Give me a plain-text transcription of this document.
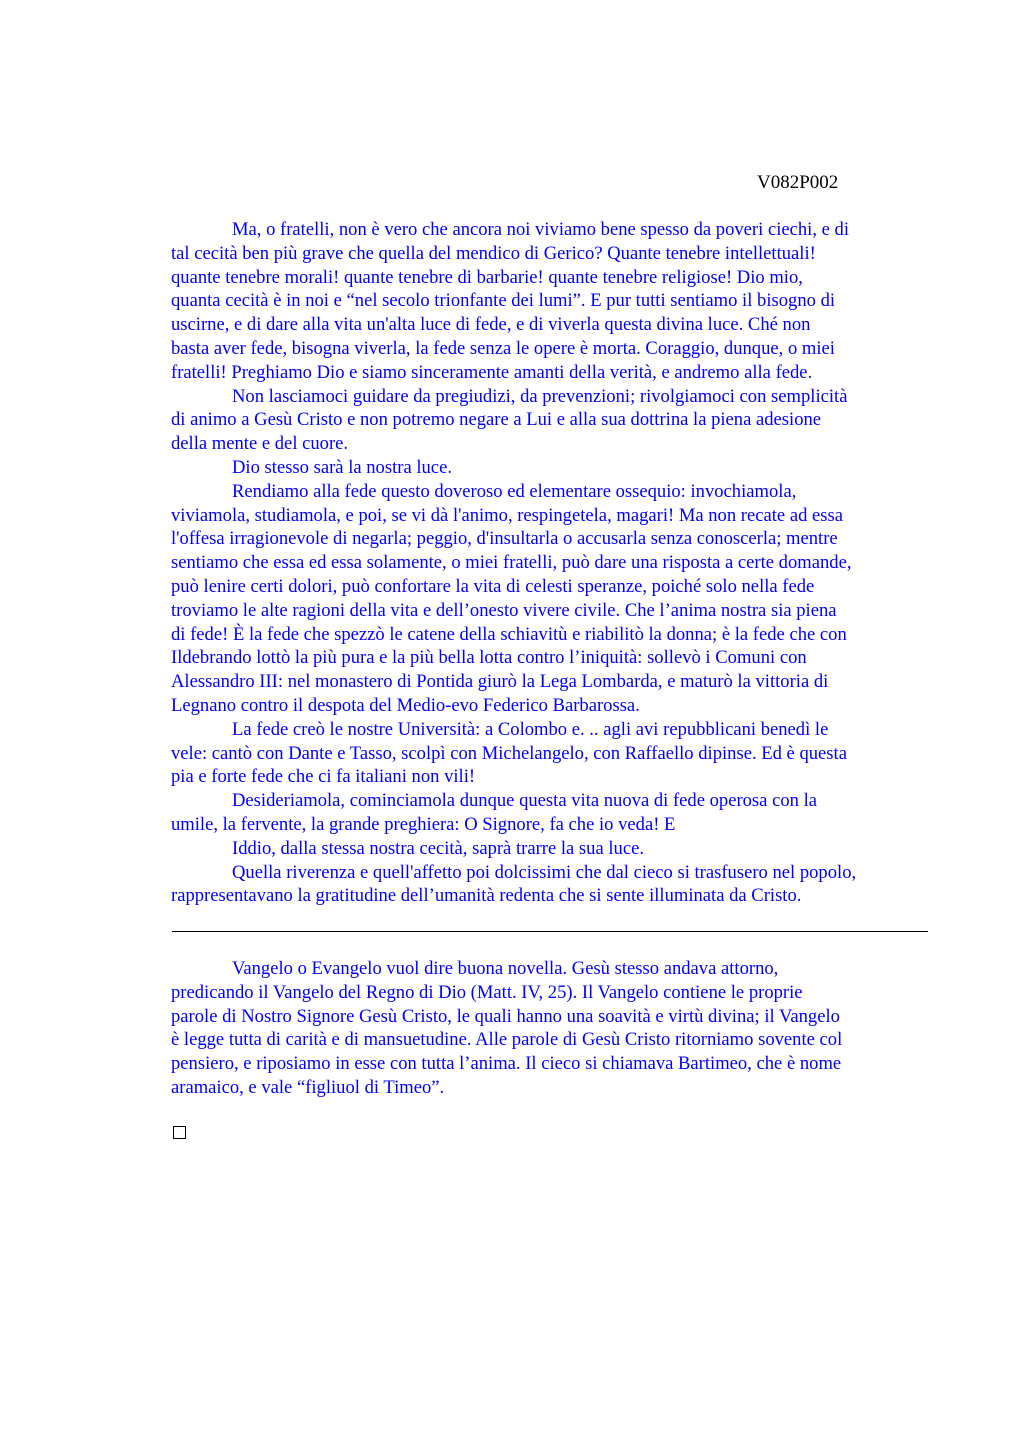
V082P002
Ma, o fratelli, non è vero che ancora noi viviamo bene spesso da poveri ciechi, e di
tal cecità ben più grave che quella del mendico di Gerico? Quante tenebre intellettuali!
quante tenebre morali! quante tenebre di barbarie! quante tenebre religiose! Dio mio,
quanta cecità è in noi e “nel secolo trionfante dei lumi”. E pur tutti sentiamo il bisogno di
uscirne, e di dare alla vita un'alta luce di fede, e di viverla questa divina luce. Ché non
basta aver fede, bisogna viverla, la fede senza le opere è morta. Coraggio, dunque, o miei
fratelli! Preghiamo Dio e siamo sinceramente amanti della verità, e andremo alla fede.
Non lasciamoci guidare da pregiudizi, da prevenzioni; rivolgiamoci con semplicità
di animo a Gesù Cristo e non potremo negare a Lui e alla sua dottrina la piena adesione
della mente e del cuore.
Dio stesso sarà la nostra luce.
Rendiamo alla fede questo doveroso ed elementare ossequio: invochiamola,
viviamola, studiamola, e poi, se vi dà l'animo, respingetela, magari! Ma non recate ad essa
l'offesa irragionevole di negarla; peggio, d'insultarla o accusarla senza conoscerla; mentre
sentiamo che essa ed essa solamente, o miei fratelli, può dare una risposta a certe domande,
può lenire certi dolori, può confortare la vita di celesti speranze, poiché solo nella fede
troviamo le alte ragioni della vita e dell’onesto vivere civile. Che l’anima nostra sia piena
di fede! È la fede che spezzò le catene della schiavitù e riabilitò la donna; è la fede che con
Ildebrando lottò la più pura e la più bella lotta contro l’iniquità: sollevò i Comuni con
Alessandro III: nel monastero di Pontida giurò la Lega Lombarda, e maturò la vittoria di
Legnano contro il despota del Medio-evo Federico Barbarossa.
La fede creò le nostre Università: a Colombo e. .. agli avi repubblicani benedì le
vele: cantò con Dante e Tasso, scolpì con Michelangelo, con Raffaello dipinse. Ed è questa
pia e forte fede che ci fa italiani non vili!
Desideriamola, cominciamola dunque questa vita nuova di fede operosa con la
umile, la fervente, la grande preghiera: O Signore, fa che io veda! E
Iddio, dalla stessa nostra cecità, saprà trarre la sua luce.
Quella riverenza e quell'affetto poi dolcissimi che dal cieco si trasfusero nel popolo,
rappresentavano la gratitudine dell’umanità redenta che si sente illuminata da Cristo.
Vangelo o Evangelo vuol dire buona novella. Gesù stesso andava attorno,
predicando il Vangelo del Regno di Dio (Matt. IV, 25). Il Vangelo contiene le proprie
parole di Nostro Signore Gesù Cristo, le quali hanno una soavità e virtù divina; il Vangelo
è legge tutta di carità e di mansuetudine. Alle parole di Gesù Cristo ritorniamo sovente col
pensiero, e riposiamo in esse con tutta l’anima. Il cieco si chiamava Bartimeo, che è nome
aramaico, e vale “figliuol di Timeo”.
